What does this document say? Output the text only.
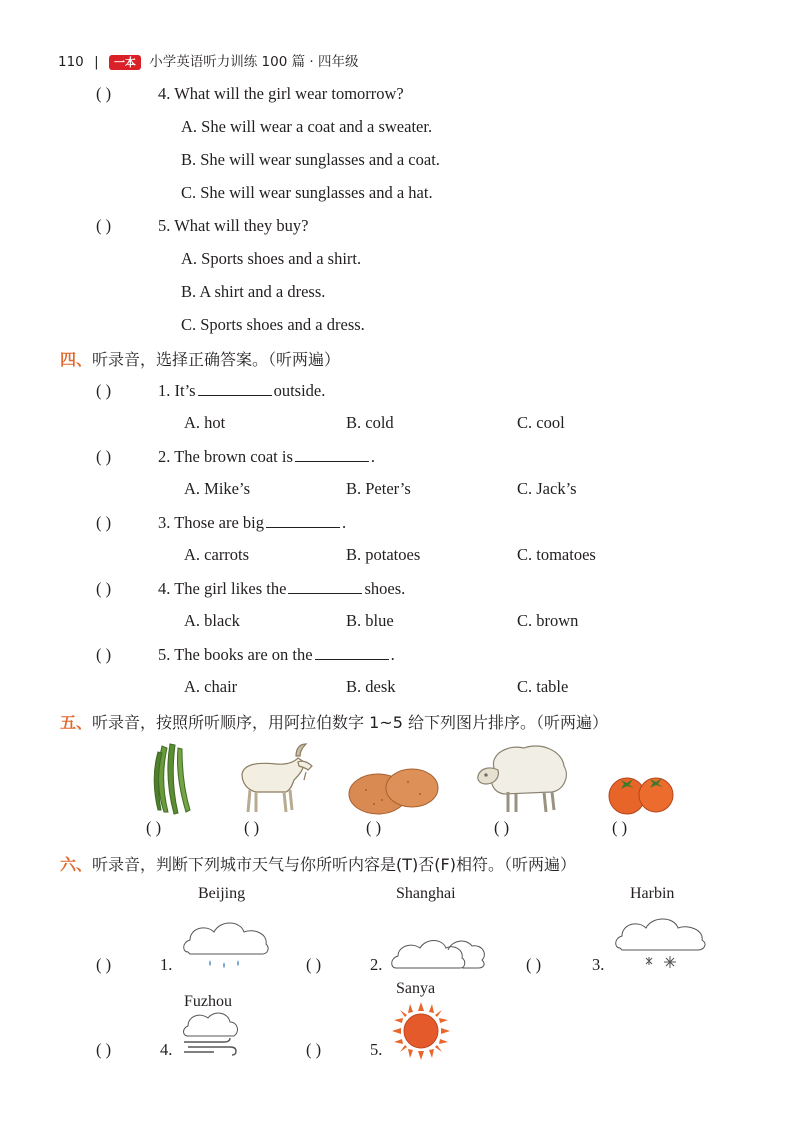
110 | 一本 小学英语听力训练 100 篇 · 四年级
( )	4. What will the girl wear tomorrow?
A. She will wear a coat and a sweater.
B. She will wear sunglasses and a coat.
C. She will wear sunglasses and a hat.
( )	5. What will they buy?
A. Sports shoes and a shirt.
B. A shirt and a dress.
C. Sports shoes and a dress.
四、听录音，选择正确答案。（听两遍）
( )	1. It’s	outside.
A. hot	B. cold	C. cool
( )	2. The brown coat is	.
A. Mike’s	B. Peter’s	C. Jack’s
( )	3. Those are big	.
A. carrots	B. potatoes	C. tomatoes
( )	4. The girl likes the	shoes.
A. black	B. blue	C. brown
( )	5. The books are on the	.
A. chair	B. desk	C. table
五、听录音，按照所听顺序，用阿拉伯数字 1~5 给下列图片排序。（听两遍）
( )	( )	( )	( )	( )
六、听录音，判断下列城市天气与你所听内容是(T)否(F)相符。（听两遍）
Beijing
( )	1.
Shanghai
( )	2.
Harbin
( )	3.
Fuzhou
( )	4.
Sanya
( )	5.
